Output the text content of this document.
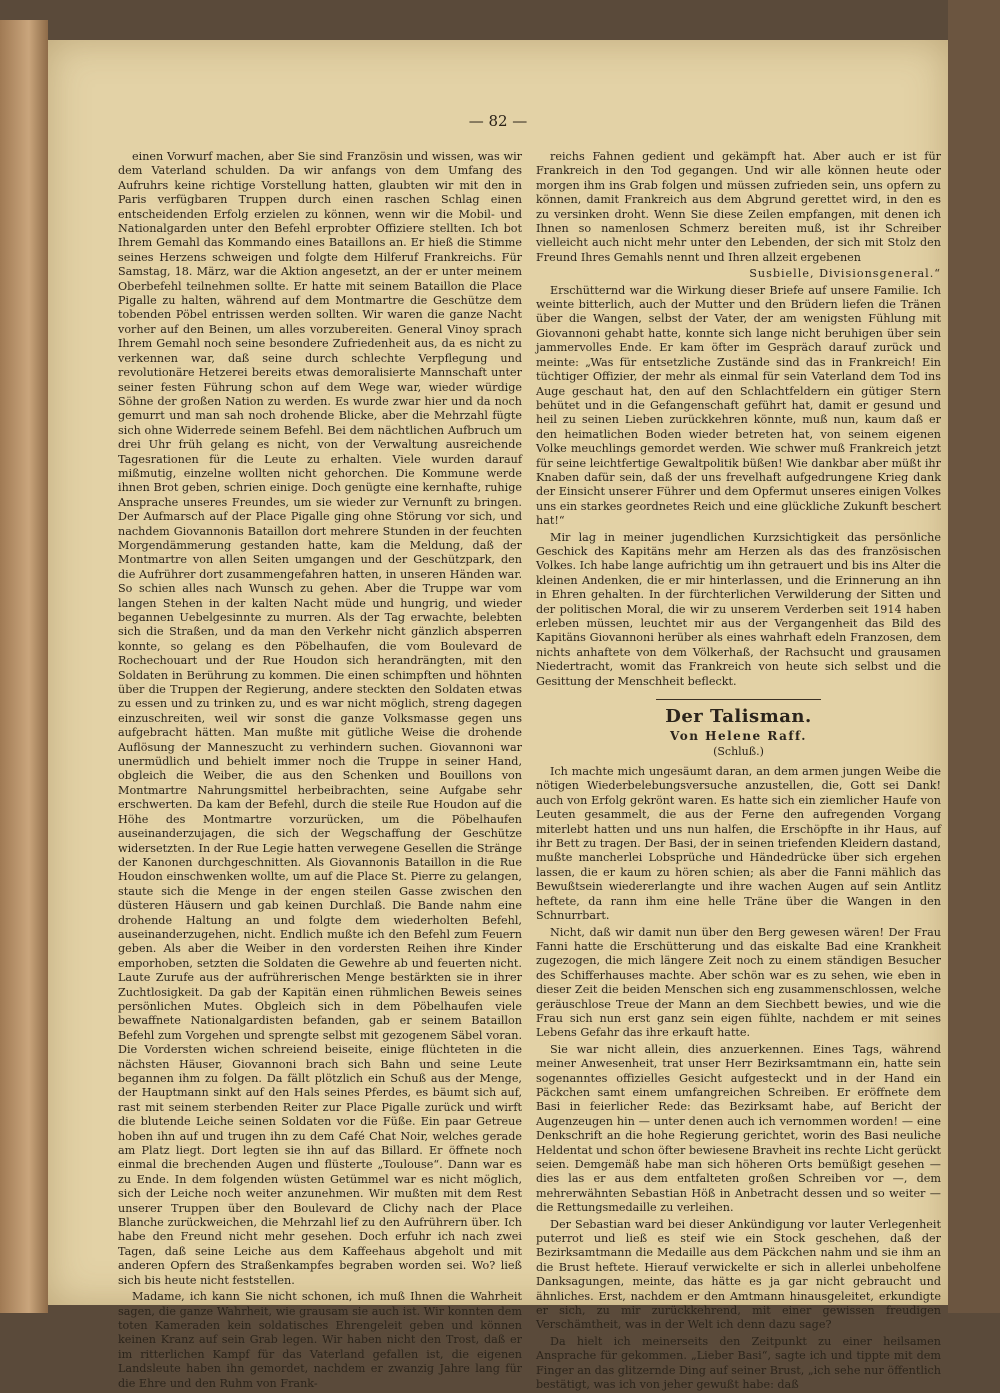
— 82 —

einen Vorwurf machen, aber Sie sind Französin und wissen, was wir dem Vaterland schulden. Da wir anfangs von dem Umfang des Aufruhrs keine richtige Vorstellung hatten, glaubten wir mit den in Paris verfügbaren Truppen durch einen raschen Schlag einen entscheidenden Erfolg erzielen zu können, wenn wir die Mobil- und Nationalgarden unter den Befehl erprobter Offiziere stellten. Ich bot Ihrem Gemahl das Kommando eines Bataillons an. Er hieß die Stimme seines Herzens schweigen und folgte dem Hilferuf Frankreichs. Für Samstag, 18. März, war die Aktion angesetzt, an der er unter meinem Oberbefehl teilnehmen sollte. Er hatte mit seinem Bataillon die Place Pigalle zu halten, während auf dem Montmartre die Geschütze dem tobenden Pöbel entrissen werden sollten. Wir waren die ganze Nacht vorher auf den Beinen, um alles vorzubereiten. General Vinoy sprach Ihrem Gemahl noch seine besondere Zufriedenheit aus, da es nicht zu verkennen war, daß seine durch schlechte Verpflegung und revolutionäre Hetzerei bereits etwas demoralisierte Mannschaft unter seiner festen Führung schon auf dem Wege war, wieder würdige Söhne der großen Nation zu werden. Es wurde zwar hier und da noch gemurrt und man sah noch drohende Blicke, aber die Mehrzahl fügte sich ohne Widerrede seinem Befehl. Bei dem nächtlichen Aufbruch um drei Uhr früh gelang es nicht, von der Verwaltung ausreichende Tagesrationen für die Leute zu erhalten. Viele wurden darauf mißmutig, einzelne wollten nicht gehorchen. Die Kommune werde ihnen Brot geben, schrien einige. Doch genügte eine kernhafte, ruhige Ansprache unseres Freundes, um sie wieder zur Vernunft zu bringen. Der Aufmarsch auf der Place Pigalle ging ohne Störung vor sich, und nachdem Giovannonis Bataillon dort mehrere Stunden in der feuchten Morgendämmerung gestanden hatte, kam die Meldung, daß der Montmartre von allen Seiten umgangen und der Geschützpark, den die Aufrührer dort zusammengefahren hatten, in unseren Händen war. So schien alles nach Wunsch zu gehen. Aber die Truppe war vom langen Stehen in der kalten Nacht müde und hungrig, und wieder begannen Uebelgesinnte zu murren. Als der Tag erwachte, belebten sich die Straßen, und da man den Verkehr nicht gänzlich absperren konnte, so gelang es den Pöbelhaufen, die vom Boulevard de Rochechouart und der Rue Houdon sich herandrängten, mit den Soldaten in Berührung zu kommen. Die einen schimpften und höhnten über die Truppen der Regierung, andere steckten den Soldaten etwas zu essen und zu trinken zu, und es war nicht möglich, streng dagegen einzuschreiten, weil wir sonst die ganze Volksmasse gegen uns aufgebracht hätten. Man mußte mit gütliche Weise die drohende Auflösung der Manneszucht zu verhindern suchen. Giovannoni war unermüdlich und behielt immer noch die Truppe in seiner Hand, obgleich die Weiber, die aus den Schenken und Bouillons von Montmartre Nahrungsmittel herbeibrachten, seine Aufgabe sehr erschwerten. Da kam der Befehl, durch die steile Rue Houdon auf die Höhe des Montmartre vorzurücken, um die Pöbelhaufen auseinanderzujagen, die sich der Wegschaffung der Geschütze widersetzten. In der Rue Legie hatten verwegene Gesellen die Stränge der Kanonen durchgeschnitten. Als Giovannonis Bataillon in die Rue Houdon einschwenken wollte, um auf die Place St. Pierre zu gelangen, staute sich die Menge in der engen steilen Gasse zwischen den düsteren Häusern und gab keinen Durchlaß. Die Bande nahm eine drohende Haltung an und folgte dem wiederholten Befehl, auseinanderzugehen, nicht. Endlich mußte ich den Befehl zum Feuern geben. Als aber die Weiber in den vordersten Reihen ihre Kinder emporhoben, setzten die Soldaten die Gewehre ab und feuerten nicht. Laute Zurufe aus der aufrührerischen Menge bestärkten sie in ihrer Zuchtlosigkeit. Da gab der Kapitän einen rühmlichen Beweis seines persönlichen Mutes. Obgleich sich in dem Pöbelhaufen viele bewaffnete Nationalgardisten befanden, gab er seinem Bataillon Befehl zum Vorgehen und sprengte selbst mit gezogenem Säbel voran. Die Vordersten wichen schreiend beiseite, einige flüchteten in die nächsten Häuser, Giovannoni brach sich Bahn und seine Leute begannen ihm zu folgen. Da fällt plötzlich ein Schuß aus der Menge, der Hauptmann sinkt auf den Hals seines Pferdes, es bäumt sich auf, rast mit seinem sterbenden Reiter zur Place Pigalle zurück und wirft die blutende Leiche seinen Soldaten vor die Füße. Ein paar Getreue hoben ihn auf und trugen ihn zu dem Café Chat Noir, welches gerade am Platz liegt. Dort legten sie ihn auf das Billard. Er öffnete noch einmal die brechenden Augen und flüsterte „Toulouse“. Dann war es zu Ende. In dem folgenden wüsten Getümmel war es nicht möglich, sich der Leiche noch weiter anzunehmen. Wir mußten mit dem Rest unserer Truppen über den Boulevard de Clichy nach der Place Blanche zurückweichen, die Mehrzahl lief zu den Aufrührern über. Ich habe den Freund nicht mehr gesehen. Doch erfuhr ich nach zwei Tagen, daß seine Leiche aus dem Kaffeehaus abgeholt und mit anderen Opfern des Straßenkampfes begraben worden sei. Wo? ließ sich bis heute nicht feststellen.

Madame, ich kann Sie nicht schonen, ich muß Ihnen die Wahrheit sagen, die ganze Wahrheit, wie grausam sie auch ist. Wir konnten dem toten Kameraden kein soldatisches Ehrengeleit geben und können keinen Kranz auf sein Grab legen. Wir haben nicht den Trost, daß er im ritterlichen Kampf für das Vaterland gefallen ist, die eigenen Landsleute haben ihn gemordet, nachdem er zwanzig Jahre lang für die Ehre und den Ruhm von Frank-

reichs Fahnen gedient und gekämpft hat. Aber auch er ist für Frankreich in den Tod gegangen. Und wir alle können heute oder morgen ihm ins Grab folgen und müssen zufrieden sein, uns opfern zu können, damit Frankreich aus dem Abgrund gerettet wird, in den es zu versinken droht. Wenn Sie diese Zeilen empfangen, mit denen ich Ihnen so namenlosen Schmerz bereiten muß, ist ihr Schreiber vielleicht auch nicht mehr unter den Lebenden, der sich mit Stolz den Freund Ihres Gemahls nennt und Ihren allzeit ergebenen

Susbielle, Divisionsgeneral.“

Erschütternd war die Wirkung dieser Briefe auf unsere Familie. Ich weinte bitterlich, auch der Mutter und den Brüdern liefen die Tränen über die Wangen, selbst der Vater, der am wenigsten Fühlung mit Giovannoni gehabt hatte, konnte sich lange nicht beruhigen über sein jammervolles Ende. Er kam öfter im Gespräch darauf zurück und meinte: „Was für entsetzliche Zustände sind das in Frankreich! Ein tüchtiger Offizier, der mehr als einmal für sein Vaterland dem Tod ins Auge geschaut hat, den auf den Schlachtfeldern ein gütiger Stern behütet und in die Gefangenschaft geführt hat, damit er gesund und heil zu seinen Lieben zurückkehren könnte, muß nun, kaum daß er den heimatlichen Boden wieder betreten hat, von seinem eigenen Volke meuchlings gemordet werden. Wie schwer muß Frankreich jetzt für seine leichtfertige Gewaltpolitik büßen! Wie dankbar aber müßt ihr Knaben dafür sein, daß der uns frevelhaft aufgedrungene Krieg dank der Einsicht unserer Führer und dem Opfermut unseres einigen Volkes uns ein starkes geordnetes Reich und eine glückliche Zukunft beschert hat!“

Mir lag in meiner jugendlichen Kurzsichtigkeit das persönliche Geschick des Kapitäns mehr am Herzen als das des französischen Volkes. Ich habe lange aufrichtig um ihn getrauert und bis ins Alter die kleinen Andenken, die er mir hinterlassen, und die Erinnerung an ihn in Ehren gehalten. In der fürchterlichen Verwilderung der Sitten und der politischen Moral, die wir zu unserem Verderben seit 1914 haben erleben müssen, leuchtet mir aus der Vergangenheit das Bild des Kapitäns Giovannoni herüber als eines wahrhaft edeln Franzosen, dem nichts anhaftete von dem Völkerhaß, der Rachsucht und grausamen Niedertracht, womit das Frankreich von heute sich selbst und die Gesittung der Menschheit befleckt.

Der Talisman.
Von Helene Raff.
(Schluß.)

Ich machte mich ungesäumt daran, an dem armen jungen Weibe die nötigen Wiederbelebungsversuche anzustellen, die, Gott sei Dank! auch von Erfolg gekrönt waren. Es hatte sich ein ziemlicher Haufe von Leuten gesammelt, die aus der Ferne den aufregenden Vorgang miterlebt hatten und uns nun halfen, die Erschöpfte in ihr Haus, auf ihr Bett zu tragen. Der Basi, der in seinen triefenden Kleidern dastand, mußte mancherlei Lobsprüche und Händedrücke über sich ergehen lassen, die er kaum zu hören schien; als aber die Fanni mählich das Bewußtsein wiedererlangte und ihre wachen Augen auf sein Antlitz heftete, da rann ihm eine helle Träne über die Wangen in den Schnurrbart.

Nicht, daß wir damit nun über den Berg gewesen wären! Der Frau Fanni hatte die Erschütterung und das eiskalte Bad eine Krankheit zugezogen, die mich längere Zeit noch zu einem ständigen Besucher des Schifferhauses machte. Aber schön war es zu sehen, wie eben in dieser Zeit die beiden Menschen sich eng zusammenschlossen, welche geräuschlose Treue der Mann an dem Siechbett bewies, und wie die Frau sich nun erst ganz sein eigen fühlte, nachdem er mit seines Lebens Gefahr das ihre erkauft hatte.

Sie war nicht allein, dies anzuerkennen. Eines Tags, während meiner Anwesenheit, trat unser Herr Bezirksamtmann ein, hatte sein sogenanntes offizielles Gesicht aufgesteckt und in der Hand ein Päckchen samt einem umfangreichen Schreiben. Er eröffnete dem Basi in feierlicher Rede: das Bezirksamt habe, auf Bericht der Augenzeugen hin — unter denen auch ich vernommen worden! — eine Denkschrift an die hohe Regierung gerichtet, worin des Basi neuliche Heldentat und schon öfter bewiesene Bravheit ins rechte Licht gerückt seien. Demgemäß habe man sich höheren Orts bemüßigt gesehen — dies las er aus dem entfalteten großen Schreiben vor —, dem mehrerwähnten Sebastian Höß in Anbetracht dessen und so weiter — die Rettungsmedaille zu verleihen.

Der Sebastian ward bei dieser Ankündigung vor lauter Verlegenheit puterrot und ließ es steif wie ein Stock geschehen, daß der Bezirksamtmann die Medaille aus dem Päckchen nahm und sie ihm an die Brust heftete. Hierauf verwickelte er sich in allerlei unbeholfene Danksagungen, meinte, das hätte es ja gar nicht gebraucht und ähnliches. Erst, nachdem er den Amtmann hinausgeleitet, erkundigte er sich, zu mir zurückkehrend, mit einer gewissen freudigen Verschämtheit, was in der Welt ich denn dazu sage?

Da hielt ich meinerseits den Zeitpunkt zu einer heilsamen Ansprache für gekommen. „Lieber Basi“, sagte ich und tippte mit dem Finger an das glitzernde Ding auf seiner Brust, „ich sehe nur öffentlich bestätigt, was ich von jeher gewußt habe: daß
